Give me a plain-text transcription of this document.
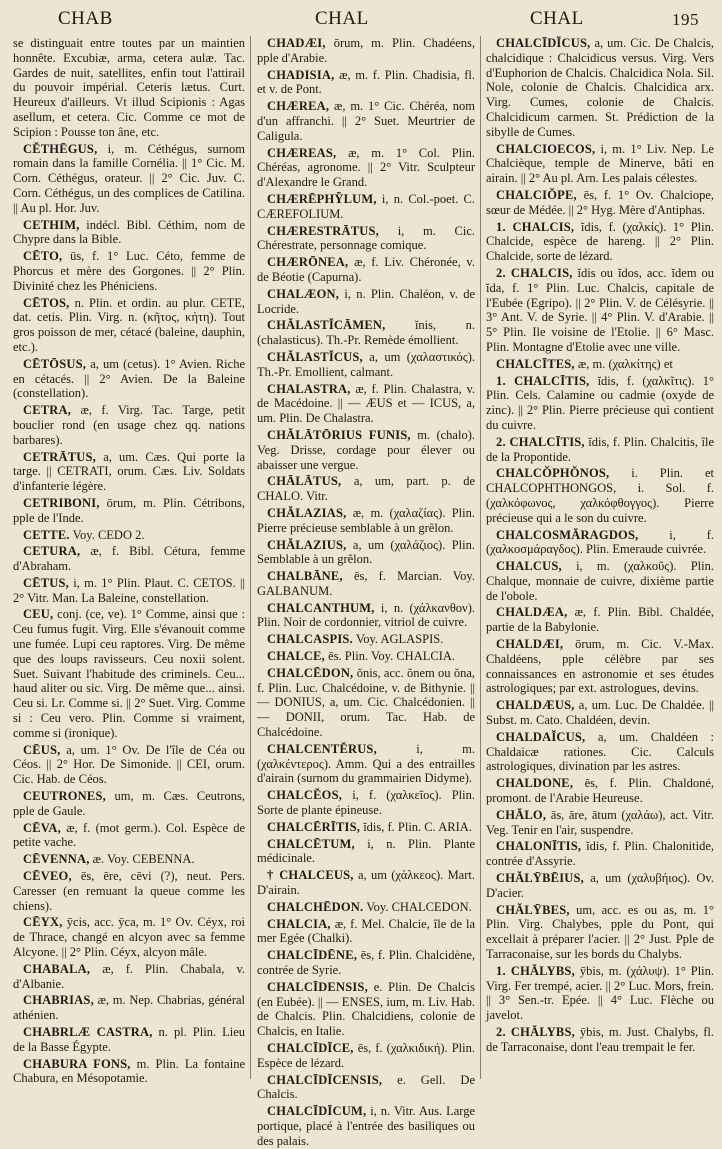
CHAB	CHAL	CHAL	195

se distinguait entre toutes par un maintien honnête. Excubiæ, arma, cetera aulæ. Tac. Gardes de nuit, satellites, enfin tout l'attirail du pouvoir impérial. Ceteris lætus. Curt. Heureux d'ailleurs. Vt illud Scipionis : Agas asellum, et cetera. Cic. Comme ce mot de Scipion : Pousse ton âne, etc.

CĔTHĒGUS, i, m. Céthégus, surnom romain dans la famille Cornélia. || 1° Cic. M. Corn. Céthégus, orateur. || 2° Cic. Juv. C. Corn. Céthégus, un des complices de Catilina. || Au pl. Hor. Juv.

CETHIM, indécl. Bibl. Céthim, nom de Chypre dans la Bible.

CĒTO, ūs, f. 1° Luc. Céto, femme de Phorcus et mère des Gorgones. || 2° Plin. Divinité chez les Phéniciens.

CĒTOS, n. Plin. et ordin. au plur. CETE, dat. cetis. Plin. Virg. n. (κῆτος, κήτη). Tout gros poisson de mer, cétacé (baleine, dauphin, etc.).

CĒTŌSUS, a, um (cetus). 1° Avien. Riche en cétacés. || 2° Avien. De la Baleine (constellation).

CETRA, æ, f. Virg. Tac. Targe, petit bouclier rond (en usage chez qq. nations barbares).

CETRĀTUS, a, um. Cæs. Qui porte la targe. || CETRATI, orum. Cæs. Liv. Soldats d'infanterie légère.

CETRIBONI, ōrum, m. Plin. Cétribons, pple de l'Inde.

CETTE. Voy. CEDO 2.

CETURA, æ, f. Bibl. Cétura, femme d'Abraham.

CĒTUS, i, m. 1° Plin. Plaut. C. CETOS. || 2° Vitr. Man. La Baleine, constellation.

CEU, conj. (ce, ve). 1° Comme, ainsi que : Ceu fumus fugit. Virg. Elle s'évanouit comme une fumée. Lupi ceu raptores. Virg. De même que des loups ravisseurs. Ceu noxii solent. Suet. Suivant l'habitude des criminels. Ceu... haud aliter ou sic. Virg. De même que... ainsi. Ceu si. Lr. Comme si. || 2° Suet. Virg. Comme si : Ceu vero. Plin. Comme si vraiment, comme si (ironique).

CĒUS, a, um. 1° Ov. De l'île de Céa ou Céos. || 2° Hor. De Simonide. || CEI, orum. Cic. Hab. de Céos.

CEUTRONES, um, m. Cæs. Ceutrons, pple de Gaule.

CĒVA, æ, f. (mot germ.). Col. Espèce de petite vache.

CĒVENNA, æ. Voy. CEBENNA.

CĒVEO, ēs, ēre, cēvi (?), neut. Pers. Caresser (en remuant la queue comme les chiens).

CĒYX, ȳcis, acc. ȳca, m. 1° Ov. Céyx, roi de Thrace, changé en alcyon avec sa femme Alcyone. || 2° Plin. Céyx, alcyon mâle.

CHABALA, æ, f. Plin. Chabala, v. d'Albanie.

CHABRIAS, æ, m. Nep. Chabrias, général athénien.

CHABRLÆ CASTRA, n. pl. Plin. Lieu de la Basse Égypte.

CHABURA FONS, m. Plin. La fontaine Chabura, en Mésopotamie.

CHADÆI, ōrum, m. Plin. Chadéens, pple d'Arabie.

CHADISIA, æ, m. f. Plin. Chadisia, fl. et v. de Pont.

CHÆREA, æ, m. 1° Cic. Chéréa, nom d'un affranchi. || 2° Suet. Meurtrier de Caligula.

CHÆREAS, æ, m. 1° Col. Plin. Chéréas, agronome. || 2° Vitr. Sculpteur d'Alexandre le Grand.

CHÆRĒPHỸLUM, i, n. Col.-poet. C. CÆREFOLIUM.

CHÆRESTRĀTUS, i, m. Cic. Chérestrate, personnage comique.

CHÆRŌNEA, æ, f. Liv. Chéronée, v. de Béotie (Capurna).

CHALÆON, i, n. Plin. Chaléon, v. de Locride.

CHĂLASTĬCĀMEN, ĭnis, n. (chalasticus). Th.-Pr. Remède émollient.

CHĂLASTĬCUS, a, um (χαλαστικός). Th.-Pr. Emollient, calmant.

CHALASTRA, æ, f. Plin. Chalastra, v. de Macédoine. || — ÆUS et — ICUS, a, um. Plin. De Chalastra.

CHĂLĀTŌRIUS FUNIS, m. (chalo). Veg. Drisse, cordage pour élever ou abaisser une vergue.

CHĀLĀTUS, a, um, part. p. de CHALO. Vitr.

CHĂLAZIAS, æ, m. (χαλαζίας). Plin. Pierre précieuse semblable à un grêlon.

CHĂLAZIUS, a, um (χαλάζιος). Plin. Semblable à un grêlon.

CHALBĀNE, ēs, f. Marcian. Voy. GALBANUM.

CHALCANTHUM, i, n. (χάλκανθον). Plin. Noir de cordonnier, vitriol de cuivre.

CHALCASPIS. Voy. AGLASPIS.

CHALCE, ēs. Plin. Voy. CHALCIA.

CHALCĒDON, ŏnis, acc. ŏnem ou ŏna, f. Plin. Luc. Chalcédoine, v. de Bithynie. || — DONIUS, a, um. Cic. Chalcédonien. || — DONII, orum. Tac. Hab. de Chalcédoine.

CHALCENTĔRUS,	i, m. (χαλκέντερος). Amm. Qui a des entrailles d'airain (surnom du grammairien Didyme).

CHALCĔOS, i, f. (χαλκεῖος). Plin. Sorte de plante épineuse.

CHALCĒRĪTIS, ĭdis, f. Plin. C. ARIA.

CHALCĒTUM, i, n. Plin. Plante médicinale.

† CHALCEUS, a, um (χάλκεος). Mart. D'airain.

CHALCHĒDON. Voy. CHALCEDON.

CHALCIA, æ, f. Mel. Chalcie, île de la mer Egée (Chalki).

CHALCĪDĒNE, ēs, f. Plin. Chalcidène, contrée de Syrie.

CHALCĪDENSIS, e. Plin. De Chalcis (en Eubée). || — ENSES, ium, m. Liv. Hab. de Chalcis. Plin. Chalcidiens, colonie de Chalcis, en Italie.

CHALCĪDĪCE, ēs, f. (χαλκιδική). Plin. Espèce de lézard.

CHALCĪDĪCENSIS, e. Gell. De Chalcis.

CHALCĪDĪCUM, i, n. Vitr. Aus. Large portique, placé à l'entrée des basiliques ou des palais.

CHALCĪDĬCUS, a, um. Cic. De Chalcis, chalcidique : Chalcidicus versus. Virg. Vers d'Euphorion de Chalcis. Chalcidica Nola. Sil. Nole, colonie de Chalcis. Chalcidica arx. Virg. Cumes, colonie de Chalcis. Chalcidicum carmen. St. Prédiction de la sibylle de Cumes.

CHALCIOECOS, i, m. 1° Liv. Nep. Le Chalcièque, temple de Minerve, bâti en airain. || 2° Au pl. Arn. Les palais célestes.

CHALCIŎPE, ēs, f. 1° Ov. Chalciope, sœur de Médée. || 2° Hyg. Mère d'Antiphas.

1. CHALCIS, ĭdis, f. (χαλκίς). 1° Plin. Chalcide, espèce de hareng. || 2° Plin. Chalcide, sorte de lézard.

2. CHALCIS, ĭdis ou ĭdos, acc. ĭdem ou ĭda, f. 1° Plin. Luc. Chalcis, capitale de l'Eubée (Egripo). || 2° Plin. V. de Célésyrie. || 3° Ant. V. de Syrie. || 4° Plin. V. d'Arabie. || 5° Plin. Ile voisine de l'Etolie. || 6° Masc. Plin. Montagne d'Etolie avec une ville.

CHALCĪTES, æ, m. (χαλκίτης) et

1. CHALCĪTIS, ĭdis, f. (χαλκῖτις). 1° Plin. Cels. Calamine ou cadmie (oxyde de zinc). || 2° Plin. Pierre précieuse qui contient du cuivre.

2. CHALCĪTIS, ĭdis, f. Plin. Chalcitis, île de la Propontide.

CHALCŎPHŎNOS, i. Plin. et CHALCOPHTHONGOS, i. Sol. f. (χαλκόφωνος, χαλκόφθογγος). Pierre précieuse qui a le son du cuivre.

CHALCOSMĂRAGDOS, i, f. (χαλκοσμάραγδος). Plin. Emeraude cuivrée.

CHALCUS, i, m. (χαλκοῦς). Plin. Chalque, monnaie de cuivre, dixième partie de l'obole.

CHALDÆA, æ, f. Plin. Bibl. Chaldée, partie de la Babylonie.

CHALDÆI, ōrum, m. Cic. V.-Max. Chaldéens, pple célèbre par ses connaissances en astronomie et ses études astrologiques; par ext. astrologues, devins.

CHALDÆUS, a, um. Luc. De Chaldée. || Subst. m. Cato. Chaldéen, devin.

CHALDAĬCUS, a, um. Chaldéen : Chaldaicæ rationes. Cic. Calculs astrologiques, divination par les astres.

CHALDONE, ēs, f. Plin. Chaldoné, promont. de l'Arabie Heureuse.

CHĂLO, ās, āre, ātum (χαλάω), act. Vitr. Veg. Tenir en l'air, suspendre.

CHALONĪTIS, ĭdis, f. Plin. Chalonitide, contrée d'Assyrie.

CHĂLȲBĒIUS, a, um (χαλυβήιος). Ov. D'acier.

CHĂLȲBES, um, acc. es ou as, m. 1° Plin. Virg. Chalybes, pple du Pont, qui excellait à préparer l'acier. || 2° Just. Pple de Tarraconaise, sur les bords du Chalybs.

1. CHĂLYBS, ȳbis, m. (χάλυψ). 1° Plin. Virg. Fer trempé, acier. || 2° Luc. Mors, frein. || 3° Sen.-tr. Epée. || 4° Luc. Flèche ou javelot.

2. CHĂLYBS, ȳbis, m. Just. Chalybs, fl. de Tarraconaise, dont l'eau trempait le fer.
